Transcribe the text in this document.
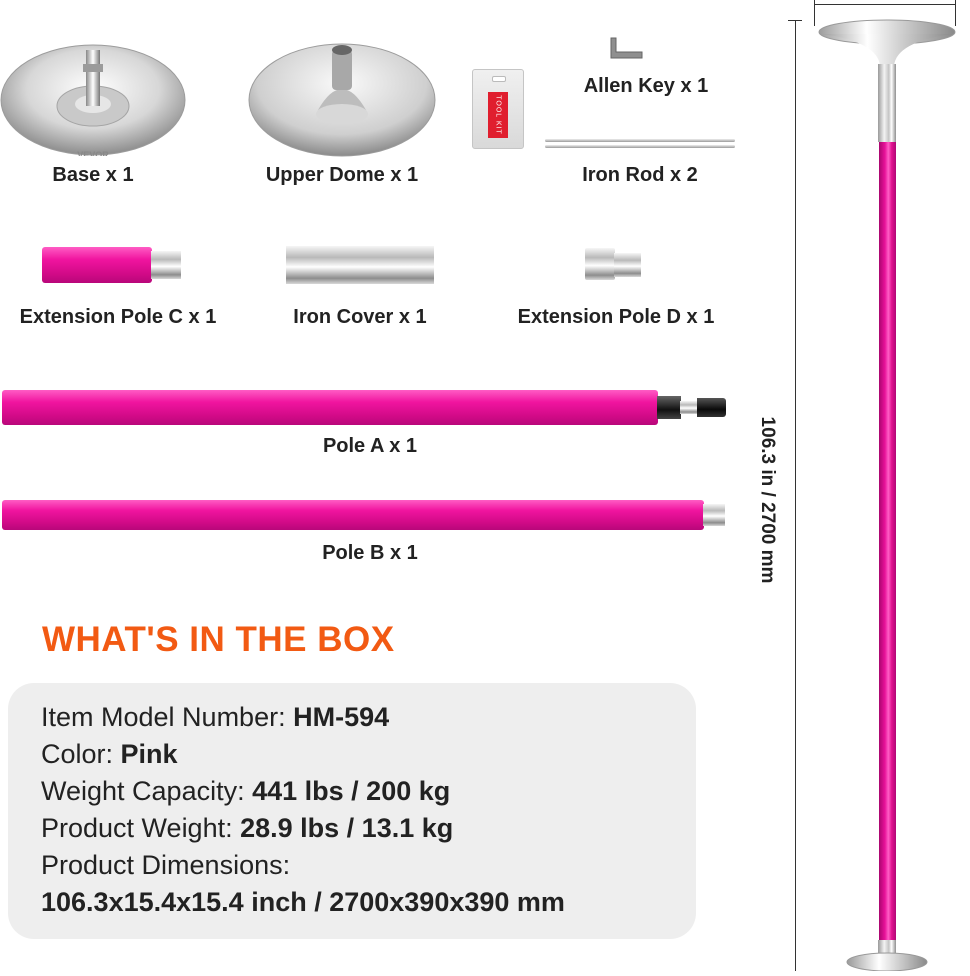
VEVOR
Base x 1	Upper Dome x 1
TOOL KIT
Allen Key x 1
Iron Rod x 2
Extension Pole C x 1	Iron Cover x 1	Extension Pole D x 1
Pole A x 1
Pole B x 1
WHAT'S IN THE BOX
Item Model Number: HM-594
Color: Pink
Weight Capacity: 441 lbs / 200 kg
Product Weight: 28.9 lbs / 13.1 kg
Product Dimensions:
106.3x15.4x15.4 inch / 2700x390x390 mm
106.3 in / 2700 mm
